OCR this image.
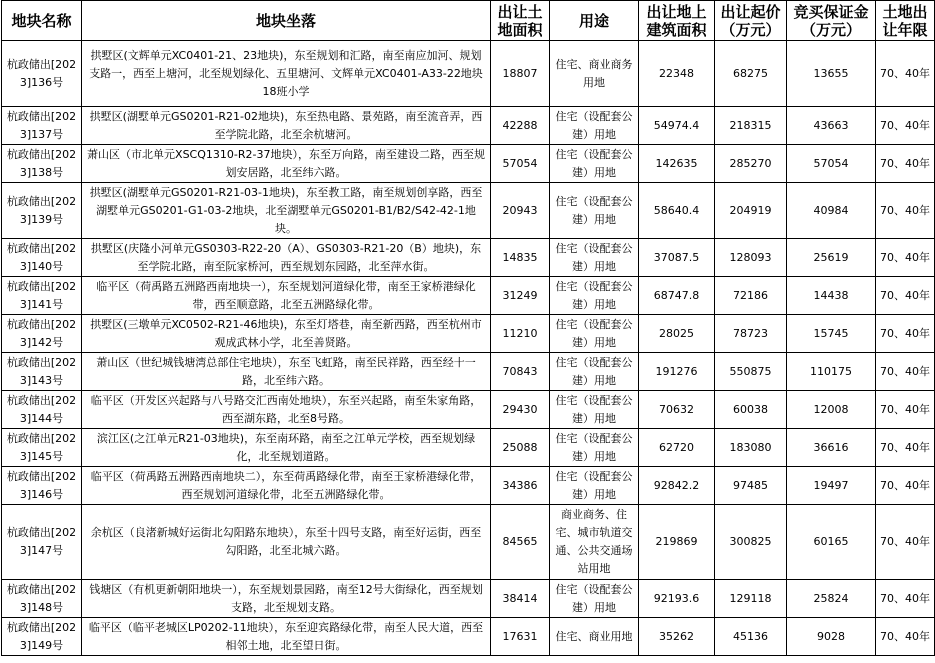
地块名称	地块坐落	出让土地面积	用途	出让地上建筑面积	出让起价（万元）	竞买保证金（万元）	土地出让年限
杭政储出[2023]136号	拱墅区(文辉单元XC0401-21、23地块)，东至规划和汇路，南至南应加河、规划支路一，西至上塘河，北至规划绿化、五里塘河、文辉单元XC0401-A33-22地块18班小学	18807	住宅、商业商务用地	22348	68275	13655	70、40年
杭政储出[2023]137号	拱墅区(湖墅单元GS0201-R21-02地块)，东至热电路、景苑路，南至流音弄，西至学院北路，北至余杭塘河。	42288	住宅（设配套公建）用地	54974.4	218315	43663	70、40年
杭政储出[2023]138号	萧山区（市北单元XSCQ1310-R2-37地块），东至万向路，南至建设二路，西至规划安居路，北至纬六路。	57054	住宅（设配套公建）用地	142635	285270	57054	70、40年
杭政储出[2023]139号	拱墅区(湖墅单元GS0201-R21-03-1地块)，东至教工路，南至规划创享路，西至湖墅单元GS0201-G1-03-2地块，北至湖墅单元GS0201-B1/B2/S42-42-1地块。	20943	住宅（设配套公建）用地	58640.4	204919	40984	70、40年
杭政储出[2023]140号	拱墅区(庆隆小河单元GS0303-R22-20（A）、GS0303-R21-20（B）地块)，东至学院北路，南至阮家桥河，西至规划东园路，北至萍水街。	14835	住宅（设配套公建）用地	37087.5	128093	25619	70、40年
杭政储出[2023]141号	临平区（荷禹路五洲路西南地块一），东至规划河道绿化带，南至王家桥港绿化带，西至顺意路，北至五洲路绿化带。	31249	住宅（设配套公建）用地	68747.8	72186	14438	70、40年
杭政储出[2023]142号	拱墅区(三墩单元XC0502-R21-46地块)，东至灯塔巷，南至新西路，西至杭州市观成武林小学，北至善贤路。	11210	住宅（设配套公建）用地	28025	78723	15745	70、40年
杭政储出[2023]143号	萧山区（世纪城钱塘湾总部住宅地块），东至飞虹路，南至民祥路，西至经十一路，北至纬六路。	70843	住宅（设配套公建）用地	191276	550875	110175	70、40年
杭政储出[2023]144号	临平区（开发区兴起路与八号路交汇西南处地块），东至兴起路，南至朱家角路，西至湖东路，北至8号路。	29430	住宅（设配套公建）用地	70632	60038	12008	70、40年
杭政储出[2023]145号	滨江区(之江单元R21-03地块)，东至南环路，南至之江单元学校，西至规划绿化，北至规划道路。	25088	住宅（设配套公建）用地	62720	183080	36616	70、40年
杭政储出[2023]146号	临平区（荷禹路五洲路西南地块二），东至荷禹路绿化带，南至王家桥港绿化带，西至规划河道绿化带，北至五洲路绿化带。	34386	住宅（设配套公建）用地	92842.2	97485	19497	70、40年
杭政储出[2023]147号	余杭区（良渚新城好运街北勾阳路东地块），东至十四号支路，南至好运街，西至勾阳路，北至北城六路。	84565	商业商务、住宅、城市轨道交通、公共交通场站用地	219869	300825	60165	70、40年
杭政储出[2023]148号	钱塘区（有机更新朝阳地块一），东至规划景园路，南至12号大街绿化，西至规划支路，北至规划支路。	38414	住宅（设配套公建）用地	92193.6	129118	25824	70、40年
杭政储出[2023]149号	临平区（临平老城区LP0202-11地块），东至迎宾路绿化带，南至人民大道，西至相邻土地，北至望日街。	17631	住宅、商业用地	35262	45136	9028	70、40年
